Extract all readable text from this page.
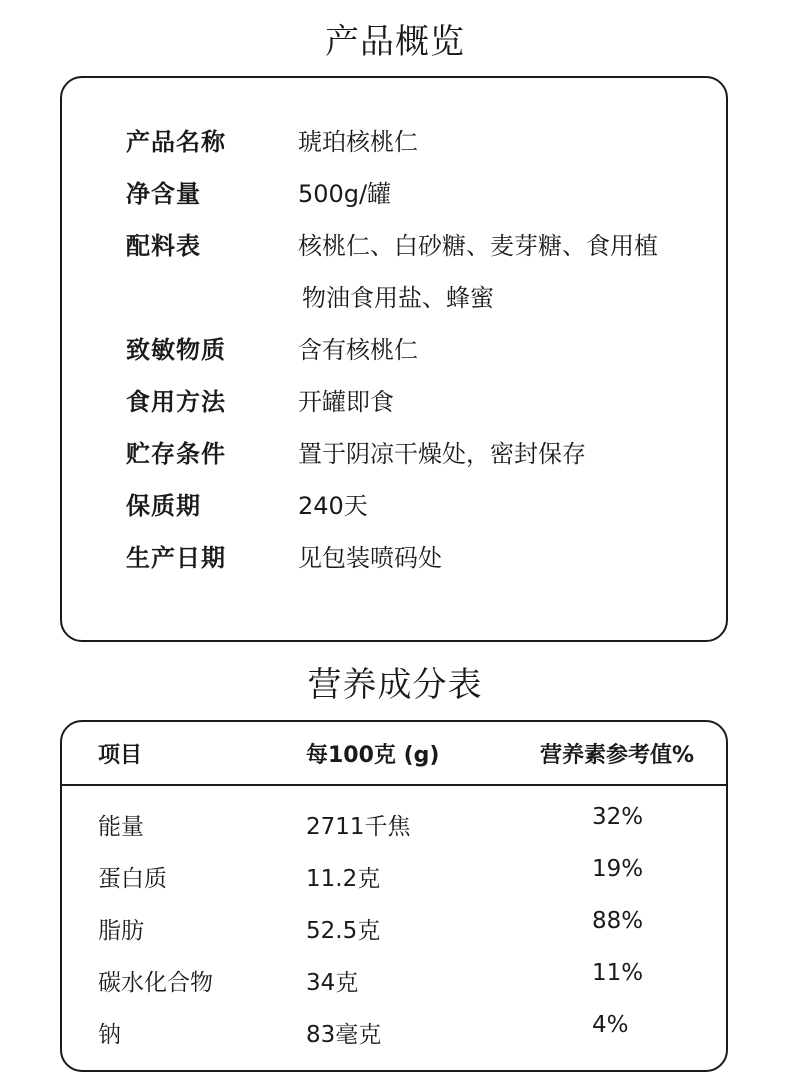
产品概览
产品名称	琥珀核桃仁
净含量	500g/罐
配料表	核桃仁、白砂糖、麦芽糖、食用植
物油食用盐、蜂蜜
致敏物质	含有核桃仁
食用方法	开罐即食
贮存条件	置于阴凉干燥处，密封保存
保质期	240天
生产日期	见包装喷码处
营养成分表
项目	每100克 (g)	营养素参考值%
能量	2711千焦	32%
蛋白质	11.2克	19%
脂肪	52.5克	88%
碳水化合物	34克	11%
钠	83毫克	4%
